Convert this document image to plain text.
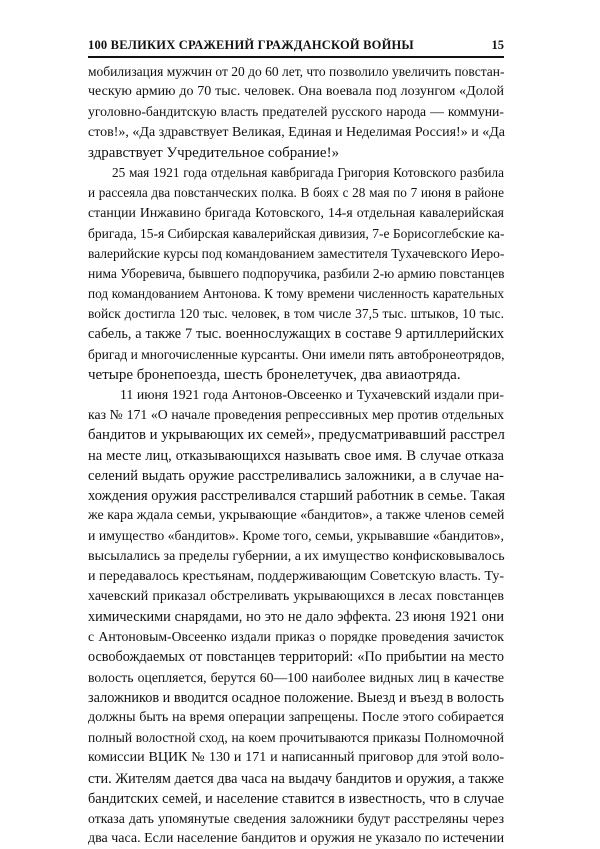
100 ВЕЛИКИХ СРАЖЕНИЙ ГРАЖДАНСКОЙ ВОЙНЫ	15
мобилизация мужчин от 20 до 60 лет, что позволило увеличить повстан-
ческую армию до 70 тыс. человек. Она воевала под лозунгом «Долой
уголовно-бандитскую власть предателей русского народа — коммуни-
стов!», «Да здравствует Великая, Единая и Неделимая Россия!» и «Да
здравствует Учредительное собрание!»
25 мая 1921 года отдельная кавбригада Григория Котовского разбила
и рассеяла два повстанческих полка. В боях с 28 мая по 7 июня в районе
станции Инжавино бригада Котовского, 14-я отдельная кавалерийская
бригада, 15-я Сибирская кавалерийская дивизия, 7-е Борисоглебские ка-
валерийские курсы под командованием заместителя Тухачевского Иеро-
нима Уборевича, бывшего подпоручика, разбили 2-ю армию повстанцев
под командованием Антонова. К тому времени численность карательных
войск достигла 120 тыс. человек, в том числе 37,5 тыс. штыков, 10 тыс.
сабель, а также 7 тыс. военнослужащих в составе 9 артиллерийских
бригад и многочисленные курсанты. Они имели пять автобронеотрядов,
четыре бронепоезда, шесть бронелетучек, два авиаотряда.
11 июня 1921 года Антонов-Овсеенко и Тухачевский издали при-
каз № 171 «О начале проведения репрессивных мер против отдельных
бандитов и укрывающих их семей», предусматривавший расстрел
на месте лиц, отказывающихся называть свое имя. В случае отказа
селений выдать оружие расстреливались заложники, а в случае на-
хождения оружия расстреливался старший работник в семье. Такая
же кара ждала семьи, укрывающие «бандитов», а также членов семей
и имущество «бандитов». Кроме того, семьи, укрывавшие «бандитов»,
высылались за пределы губернии, а их имущество конфисковывалось
и передавалось крестьянам, поддерживающим Советскую власть. Ту-
хачевский приказал обстреливать укрывающихся в лесах повстанцев
химическими снарядами, но это не дало эффекта. 23 июня 1921 они
с Антоновым-Овсеенко издали приказ о порядке проведения зачисток
освобождаемых от повстанцев территорий: «По прибытии на место
волость оцепляется, берутся 60—100 наиболее видных лиц в качестве
заложников и вводится осадное положение. Выезд и въезд в волость
должны быть на время операции запрещены. После этого собирается
полный волостной сход, на коем прочитываются приказы Полномочной
комиссии ВЦИК № 130 и 171 и написанный приговор для этой воло-
сти. Жителям дается два часа на выдачу бандитов и оружия, а также
бандитских семей, и население ставится в известность, что в случае
отказа дать упомянутые сведения заложники будут расстреляны через
два часа. Если население бандитов и оружия не указало по истечении
